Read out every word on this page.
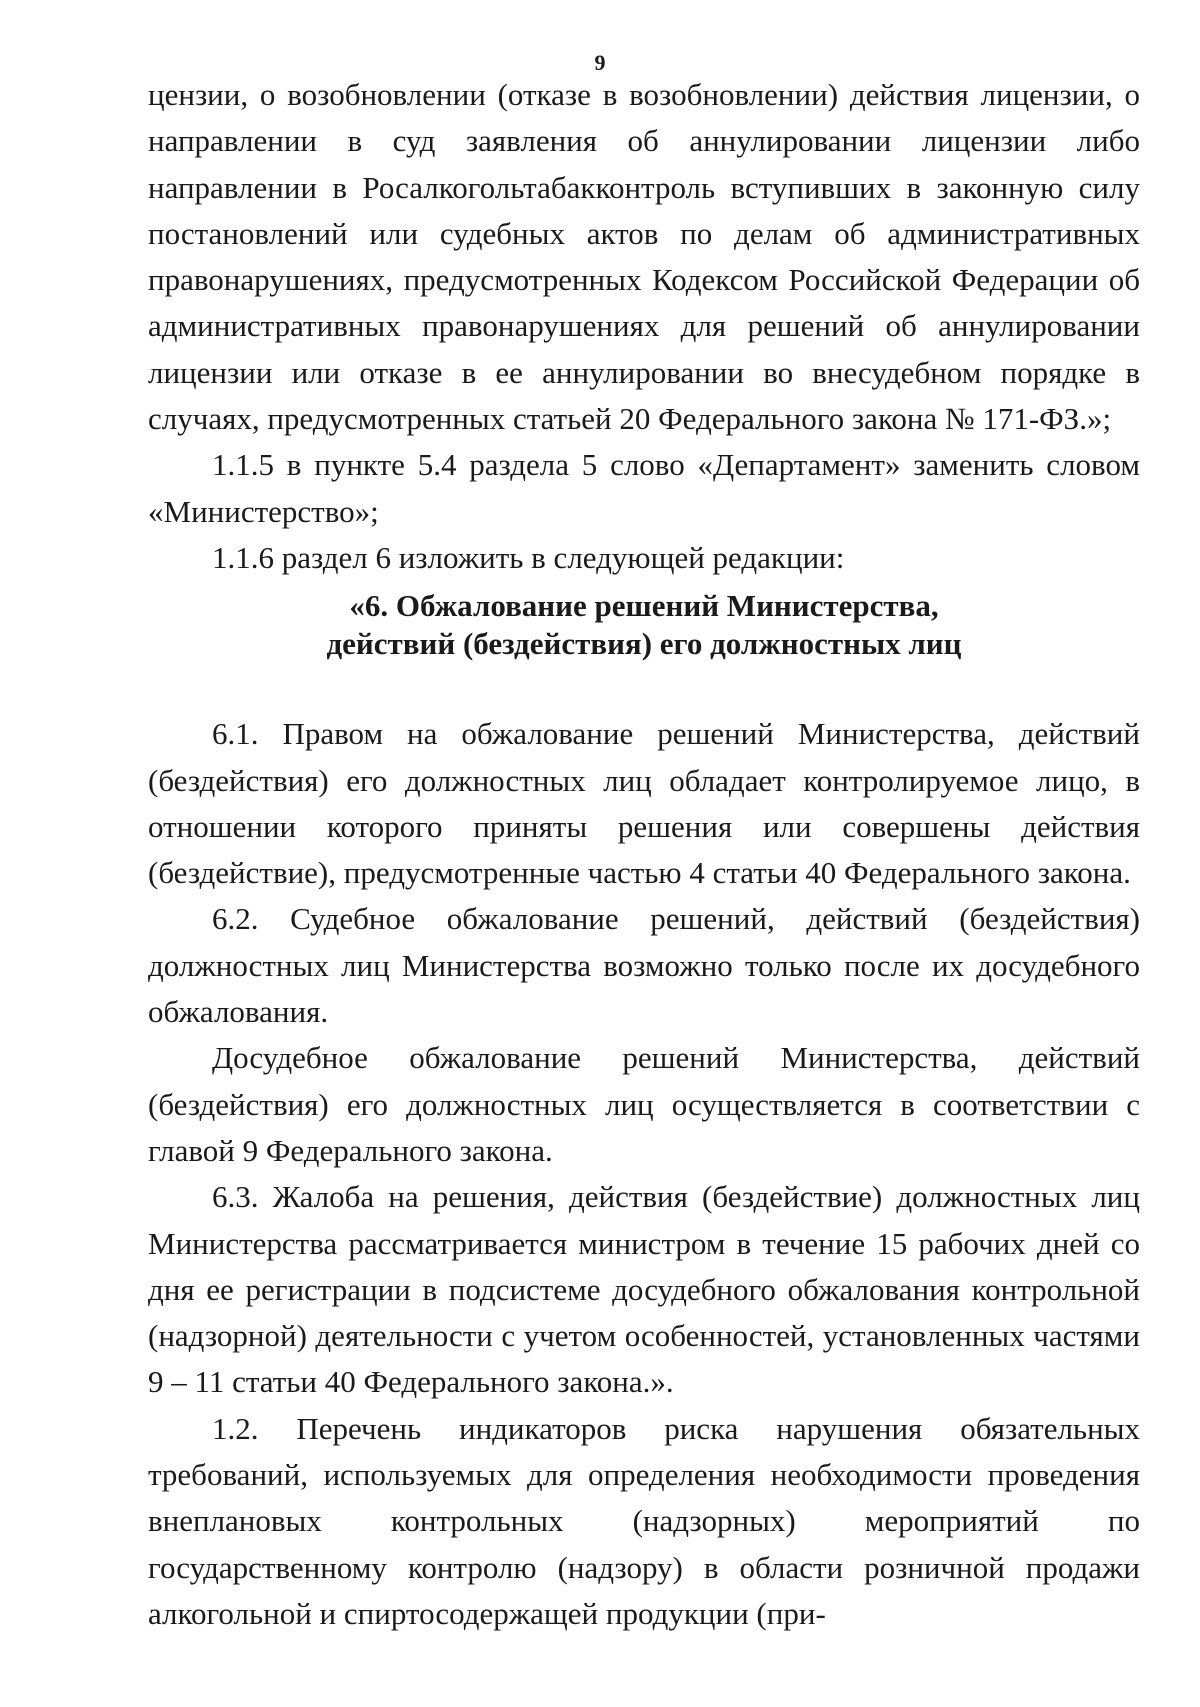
9

цензии, о возобновлении (отказе в возобновлении) действия лицензии, о направлении в суд заявления об аннулировании лицензии либо направлении в Росалкогольтабакконтроль вступивших в законную силу постановлений или судебных актов по делам об административных правонарушениях, предусмотренных Кодексом Российской Федерации об административных правонарушениях для решений об аннулировании лицензии или отказе в ее аннулировании во внесудебном порядке в случаях, предусмотренных статьей 20 Федерального закона № 171-ФЗ.»;

1.1.5 в пункте 5.4 раздела 5 слово «Департамент» заменить словом «Министерство»;

1.1.6 раздел 6 изложить в следующей редакции:

«6. Обжалование решений Министерства,
действий (бездействия) его должностных лиц

6.1. Правом на обжалование решений Министерства, действий (бездействия) его должностных лиц обладает контролируемое лицо, в отношении которого приняты решения или совершены действия (бездействие), предусмотренные частью 4 статьи 40 Федерального закона.

6.2. Судебное обжалование решений, действий (бездействия) должностных лиц Министерства возможно только после их досудебного обжалования.

Досудебное обжалование решений Министерства, действий (бездействия) его должностных лиц осуществляется в соответствии с главой 9 Федерального закона.

6.3. Жалоба на решения, действия (бездействие) должностных лиц Министерства рассматривается министром в течение 15 рабочих дней со дня ее регистрации в подсистеме досудебного обжалования контрольной (надзорной) деятельности с учетом особенностей, установленных частями 9 – 11 статьи 40 Федерального закона.».

1.2. Перечень индикаторов риска нарушения обязательных требований, используемых для определения необходимости проведения внеплановых контрольных (надзорных) мероприятий по государственному контролю (надзору) в области розничной продажи алкогольной и спиртосодержащей продукции (при-
